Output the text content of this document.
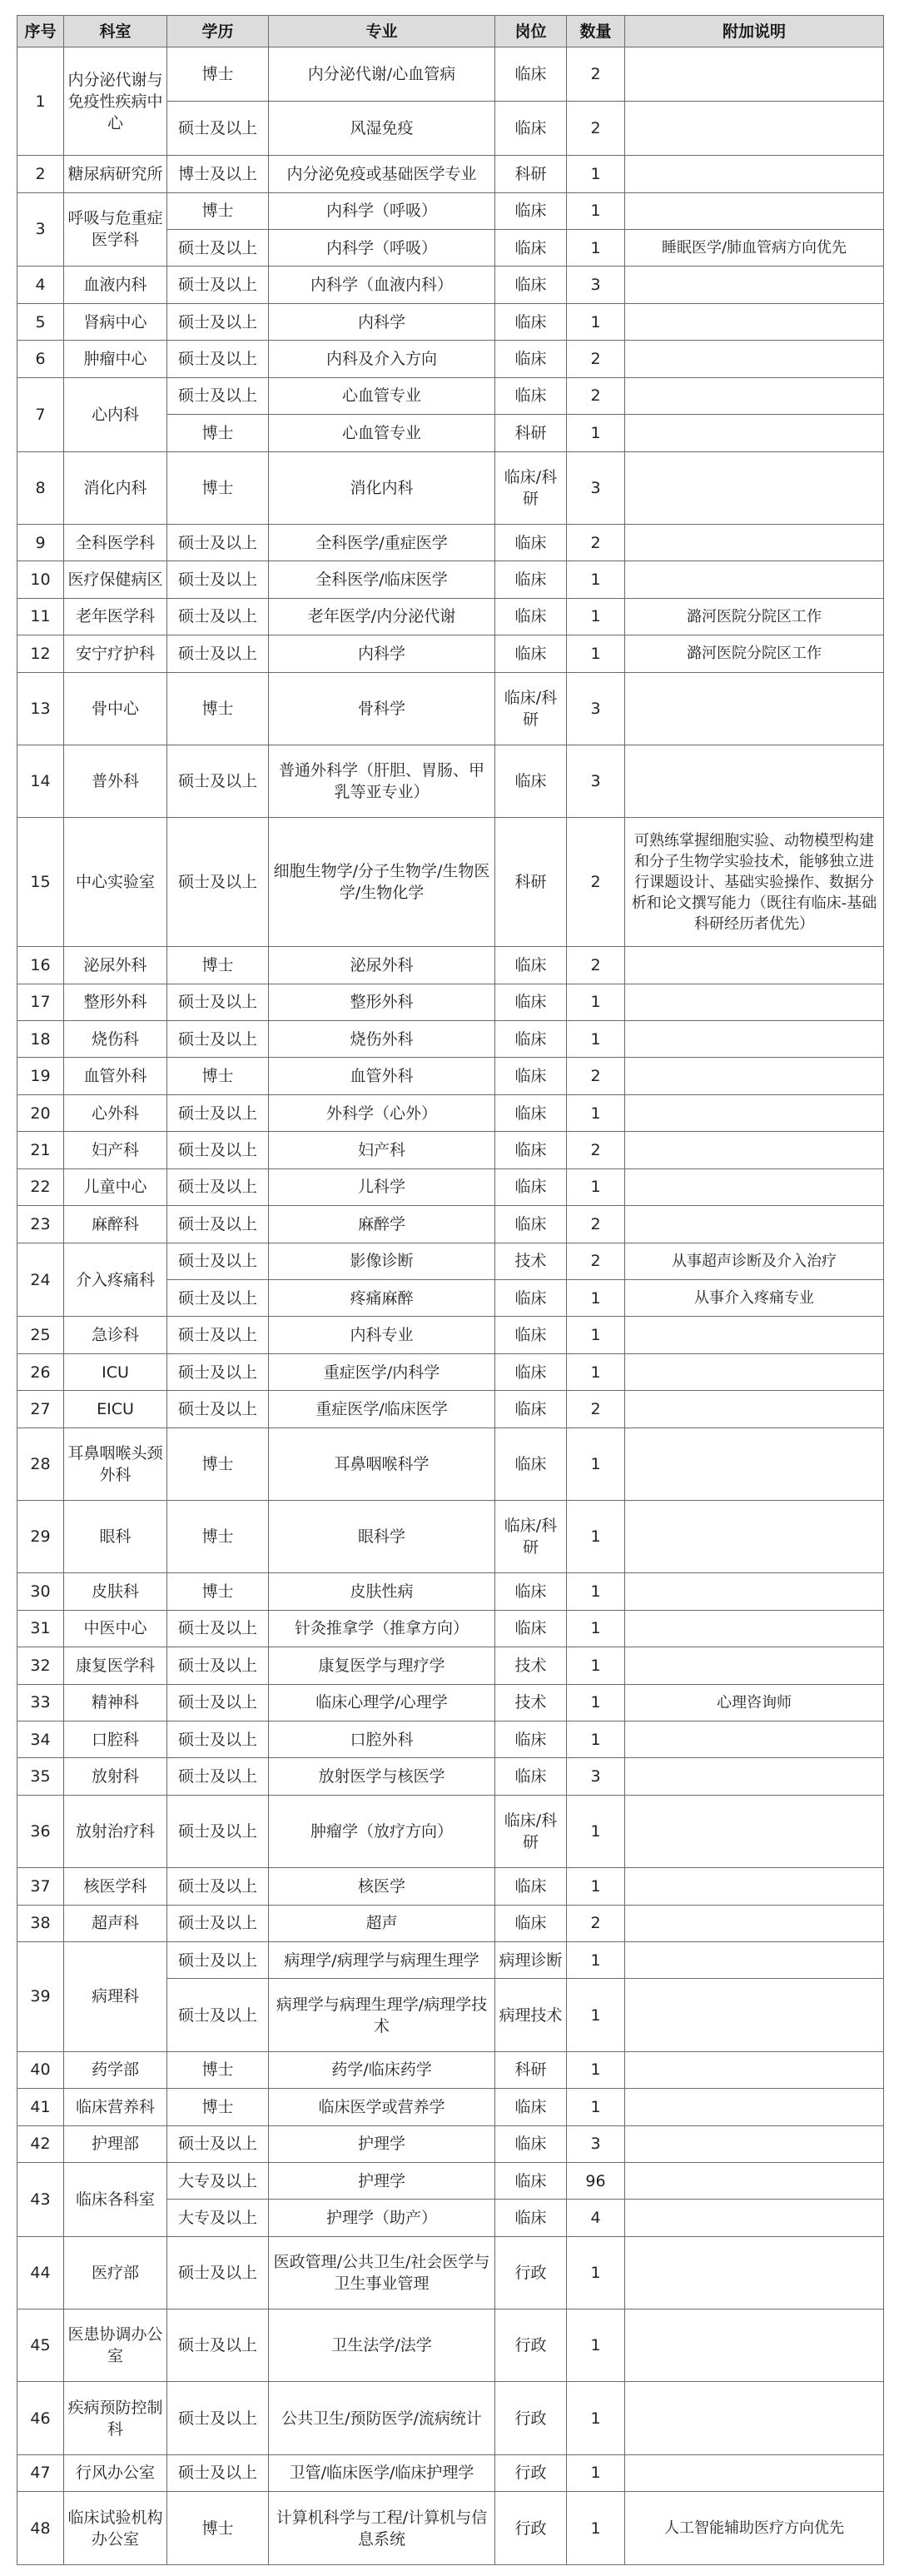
序号	科室	学历	专业	岗位	数量	附加说明
1	内分泌代谢与免疫性疾病中心	博士	内分泌代谢/心血管病	临床	2	
		硕士及以上	风湿免疫	临床	2	
2	糖尿病研究所	博士及以上	内分泌免疫或基础医学专业	科研	1	
3	呼吸与危重症医学科	博士	内科学（呼吸）	临床	1	
		硕士及以上	内科学（呼吸）	临床	1	睡眠医学/肺血管病方向优先
4	血液内科	硕士及以上	内科学（血液内科）	临床	3	
5	肾病中心	硕士及以上	内科学	临床	1	
6	肿瘤中心	硕士及以上	内科及介入方向	临床	2	
7	心内科	硕士及以上	心血管专业	临床	2	
		博士	心血管专业	科研	1	
8	消化内科	博士	消化内科	临床/科研	3	
9	全科医学科	硕士及以上	全科医学/重症医学	临床	2	
10	医疗保健病区	硕士及以上	全科医学/临床医学	临床	1	
11	老年医学科	硕士及以上	老年医学/内分泌代谢	临床	1	潞河医院分院区工作
12	安宁疗护科	硕士及以上	内科学	临床	1	潞河医院分院区工作
13	骨中心	博士	骨科学	临床/科研	3	
14	普外科	硕士及以上	普通外科学（肝胆、胃肠、甲乳等亚专业）	临床	3	
15	中心实验室	硕士及以上	细胞生物学/分子生物学/生物医学/生物化学	科研	2	可熟练掌握细胞实验、动物模型构建和分子生物学实验技术，能够独立进行课题设计、基础实验操作、数据分析和论文撰写能力（既往有临床-基础科研经历者优先）
16	泌尿外科	博士	泌尿外科	临床	2	
17	整形外科	硕士及以上	整形外科	临床	1	
18	烧伤科	硕士及以上	烧伤外科	临床	1	
19	血管外科	博士	血管外科	临床	2	
20	心外科	硕士及以上	外科学（心外）	临床	1	
21	妇产科	硕士及以上	妇产科	临床	2	
22	儿童中心	硕士及以上	儿科学	临床	1	
23	麻醉科	硕士及以上	麻醉学	临床	2	
24	介入疼痛科	硕士及以上	影像诊断	技术	2	从事超声诊断及介入治疗
		硕士及以上	疼痛麻醉	临床	1	从事介入疼痛专业
25	急诊科	硕士及以上	内科专业	临床	1	
26	ICU	硕士及以上	重症医学/内科学	临床	1	
27	EICU	硕士及以上	重症医学/临床医学	临床	2	
28	耳鼻咽喉头颈外科	博士	耳鼻咽喉科学	临床	1	
29	眼科	博士	眼科学	临床/科研	1	
30	皮肤科	博士	皮肤性病	临床	1	
31	中医中心	硕士及以上	针灸推拿学（推拿方向）	临床	1	
32	康复医学科	硕士及以上	康复医学与理疗学	技术	1	
33	精神科	硕士及以上	临床心理学/心理学	技术	1	心理咨询师
34	口腔科	硕士及以上	口腔外科	临床	1	
35	放射科	硕士及以上	放射医学与核医学	临床	3	
36	放射治疗科	硕士及以上	肿瘤学（放疗方向）	临床/科研	1	
37	核医学科	硕士及以上	核医学	临床	1	
38	超声科	硕士及以上	超声	临床	2	
39	病理科	硕士及以上	病理学/病理学与病理生理学	病理诊断	1	
		硕士及以上	病理学与病理生理学/病理学技术	病理技术	1	
40	药学部	博士	药学/临床药学	科研	1	
41	临床营养科	博士	临床医学或营养学	临床	1	
42	护理部	硕士及以上	护理学	临床	3	
43	临床各科室	大专及以上	护理学	临床	96	
		大专及以上	护理学（助产）	临床	4	
44	医疗部	硕士及以上	医政管理/公共卫生/社会医学与卫生事业管理	行政	1	
45	医患协调办公室	硕士及以上	卫生法学/法学	行政	1	
46	疾病预防控制科	硕士及以上	公共卫生/预防医学/流病统计	行政	1	
47	行风办公室	硕士及以上	卫管/临床医学/临床护理学	行政	1	
48	临床试验机构办公室	博士	计算机科学与工程/计算机与信息系统	行政	1	人工智能辅助医疗方向优先
